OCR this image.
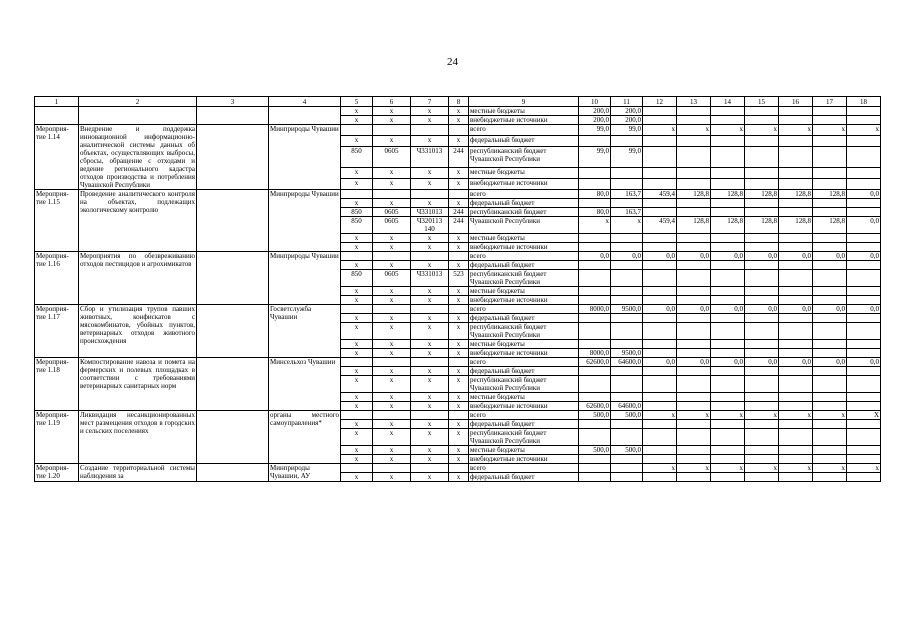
24
1	2	3	4	5	6	7	8	9	10	11	12	13	14	15	16	17	18
				х	х	х	х	местные бюджеты	200,0	200,0							
				х	х	х	х	внебюджетные источники	200,0	200,0							
Мероприя-тие 1.14	Внедрение и поддержка инновационной информационно-аналитической системы данных об объектах, осуществляющих выбросы, сбросы, обращение с отходами и ведение регионального кадастра отходов производства и потребления Чувашской Республики		Минприроды Чувашии					всего	99,0	99,0	х	х	х	х	х	х	х
				х	х	х	х	федеральный бюджет									
				850	0605	Ч331013	244	республиканский бюджет Чувашской Республики	99,0	99,0							
				х	х	х	х	местные бюджеты									
				х	х	х	х	внебюджетные источники									
Мероприя-тие 1.15	Проведение аналитического контроля на объектах, подлежащих экологическому контролю		Минприроды Чувашии					всего	80,0	163,7	459,4	128,8	128,8	128,8	128,8	128,8	0,0
				х	х	х	х	федеральный бюджет									
				850	0605	Ч331013	244	республиканский бюджет	80,0	163,7							
				850	0605	Ч320113 140	244	Чувашской Республики	х	х	459,4	128,8	128,8	128,8	128,8	128,8	0,0
				х	х	х	х	местные бюджеты									
				х	х	х	х	внебюджетные источники									
Мероприя-тие 1.16	Мероприятия по обезвреживанию отходов пестицидов и агрохимикатов		Минприроды Чувашии					всего	0,0	0,0	0,0	0,0	0,0	0,0	0,0	0,0	0,0
				х	х	х	х	федеральный бюджет									
				850	0605	Ч331013	523	республиканский бюджет Чувашской Республики									
				х	х	х	х	местные бюджеты									
				х	х	х	х	внебюджетные источники									
Мероприя-тие 1.17	Сбор и утилизация трупов павших животных, конфискатов с мясокомбинатов, убойных пунктов, ветеринарных отходов животного происхождения		Госветслужба Чувашии					всего	8000,0	9500,0	0,0	0,0	0,0	0,0	0,0	0,0	0,0
				х	х	х	х	федеральный бюджет									
				х	х	х	х	республиканский бюджет Чувашской Республики									
				х	х	х	х	местные бюджеты									
				х	х	х	х	внебюджетные источники	8000,0	9500,0							
Мероприя-тие 1.18	Компостирование навоза и помета на фермерских и полевых площадках в соответствии с требованиями ветеринарных санитарных норм		Минсельхоз Чувашии					всего	62600,0	64600,0	0,0	0,0	0,0	0,0	0,0	0,0	0,0
				х	х	х	х	федеральный бюджет									
				х	х	х	х	республиканский бюджет Чувашской Республики									
				х	х	х	х	местные бюджеты									
				х	х	х	х	внебюджетные источники	62600,0	64600,0							
Мероприя-тие 1.19	Ликвидация несанкционированных мест размещения отходов в городских и сельских поселениях		органы местного самоуправления*					всего	500,0	500,0	х	х	х	х	х	х	Х
				х	х	х	х	федеральный бюджет									
				х	х	х	х	республиканский бюджет Чувашской Республики									
				х	х	х	х	местные бюджеты	500,0	500,0							
				х	х	х	х	внебюджетные источники									
Мероприя-тие 1.20	Создание территориальной системы наблюдения за		Минприроды Чувашии, АУ					всего			х	х	х	х	х	х	х
				х	х	х	х	федеральный бюджет									
